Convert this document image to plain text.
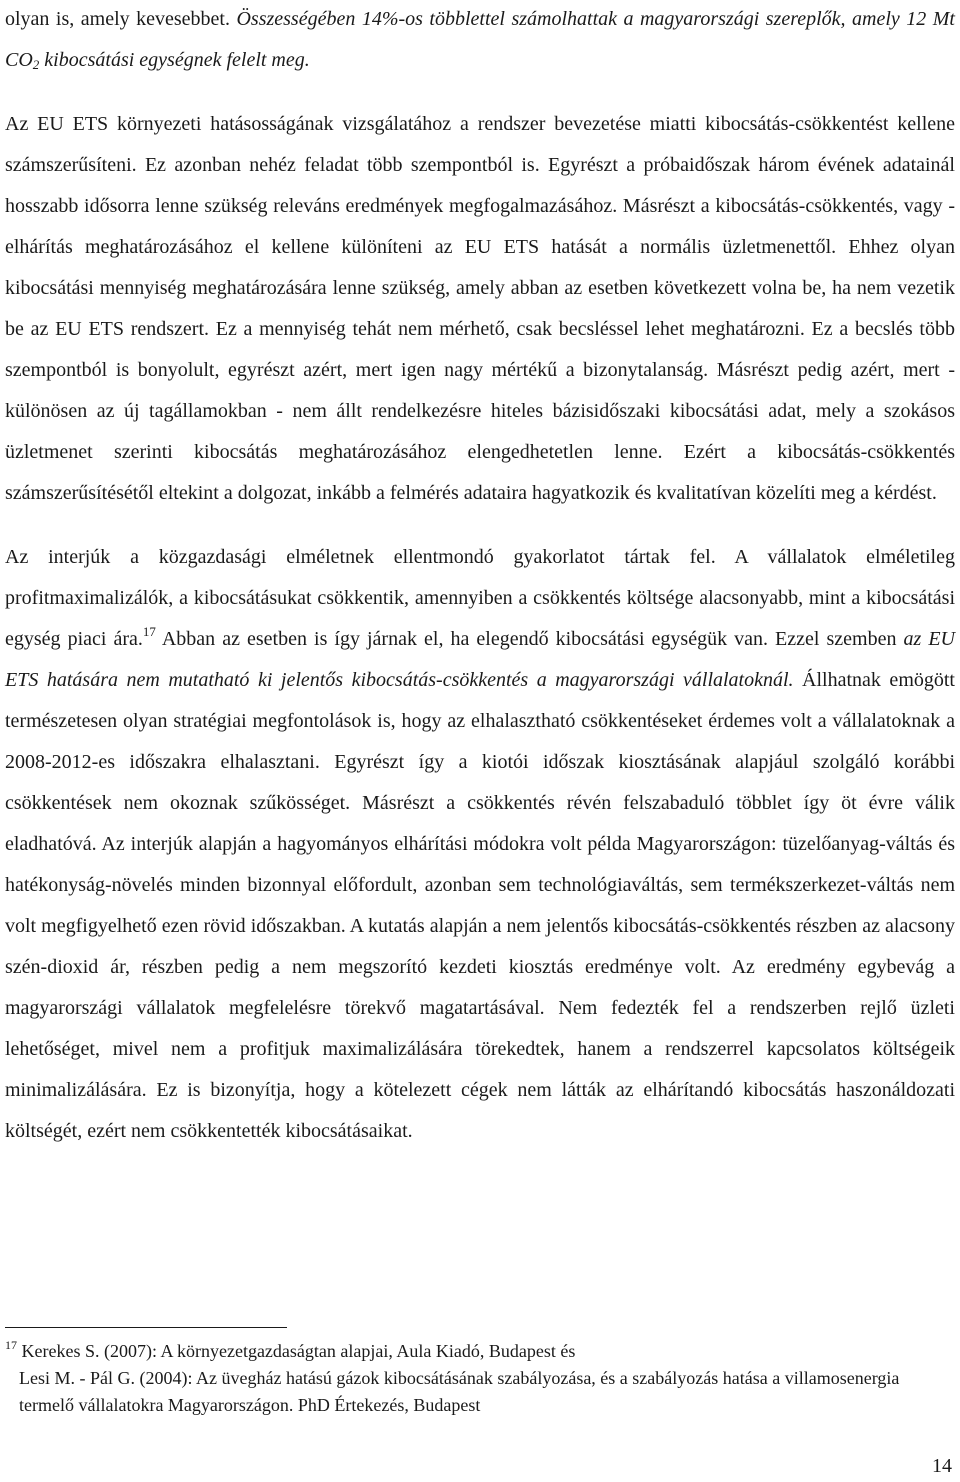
olyan is, amely kevesebbet. Összességében 14%-os többlettel számolhattak a magyarországi szereplők, amely 12 Mt $CO_2$ kibocsátási egységnek felelt meg.

Az EU ETS környezeti hatásosságának vizsgálatához a rendszer bevezetése miatti kibocsátás-csökkentést kellene számszerűsíteni. Ez azonban nehéz feladat több szempontból is. Egyrészt a próbaidőszak három évének adatainál hosszabb idősorra lenne szükség releváns eredmények megfogalmazásához. Másrészt a kibocsátás-csökkentés, vagy -elhárítás meghatározásához el kellene különíteni az EU ETS hatását a normális üzletmenettől. Ehhez olyan kibocsátási mennyiség meghatározására lenne szükség, amely abban az esetben következett volna be, ha nem vezetik be az EU ETS rendszert. Ez a mennyiség tehát nem mérhető, csak becsléssel lehet meghatározni. Ez a becslés több szempontból is bonyolult, egyrészt azért, mert igen nagy mértékű a bizonytalanság. Másrészt pedig azért, mert - különösen az új tagállamokban - nem állt rendelkezésre hiteles bázisidőszaki kibocsátási adat, mely a szokásos üzletmenet szerinti kibocsátás meghatározásához elengedhetetlen lenne. Ezért a kibocsátás-csökkentés számszerűsítésétől eltekint a dolgozat, inkább a felmérés adataira hagyatkozik és kvalitatívan közelíti meg a kérdést.

Az interjúk a közgazdasági elméletnek ellentmondó gyakorlatot tártak fel. A vállalatok elméletileg profitmaximalizálók, a kibocsátásukat csökkentik, amennyiben a csökkentés költsége alacsonyabb, mint a kibocsátási egység piaci ára.$^{17}$ Abban az esetben is így járnak el, ha elegendő kibocsátási egységük van. Ezzel szemben az EU ETS hatására nem mutatható ki jelentős kibocsátás-csökkentés a magyarországi vállalatoknál. Állhatnak emögött természetesen olyan stratégiai megfontolások is, hogy az elhalasztható csökkentéseket érdemes volt a vállalatoknak a 2008-2012-es időszakra elhalasztani. Egyrészt így a kiotói időszak kiosztásának alapjául szolgáló korábbi csökkentések nem okoznak szűkösséget. Másrészt a csökkentés révén felszabaduló többlet így öt évre válik eladhatóvá. Az interjúk alapján a hagyományos elhárítási módokra volt példa Magyarországon: tüzelőanyag-váltás és hatékonyság-növelés minden bizonnyal előfordult, azonban sem technológiaváltás, sem termékszerkezet-váltás nem volt megfigyelhető ezen rövid időszakban. A kutatás alapján a nem jelentős kibocsátás-csökkentés részben az alacsony szén-dioxid ár, részben pedig a nem megszorító kezdeti kiosztás eredménye volt. Az eredmény egybevág a magyarországi vállalatok megfelelésre törekvő magatartásával. Nem fedezték fel a rendszerben rejlő üzleti lehetőséget, mivel nem a profitjuk maximalizálására törekedtek, hanem a rendszerrel kapcsolatos költségeik minimalizálására. Ez is bizonyítja, hogy a kötelezett cégek nem látták az elhárítandó kibocsátás haszonáldozati költségét, ezért nem csökkentették kibocsátásaikat.

$^{17}$ Kerekes S. (2007): A környezetgazdaságtan alapjai, Aula Kiadó, Budapest és
Lesi M. - Pál G. (2004): Az üvegház hatású gázok kibocsátásának szabályozása, és a szabályozás hatása a villamosenergia termelő vállalatokra Magyarországon. PhD Értekezés, Budapest
14
